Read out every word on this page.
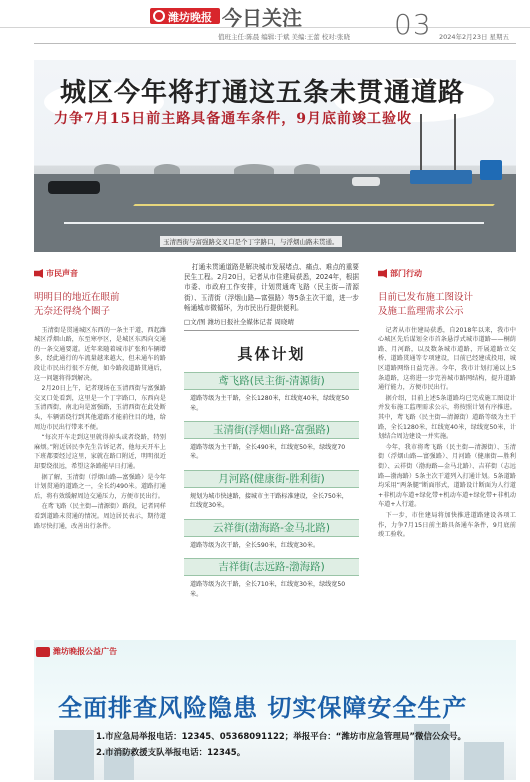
潍坊晚报 今日关注	03
值班主任:陈晨 编辑:于斌 美编:王蕾 校对:张晓	2024年2月23日 星期五
城区今年将打通这五条未贯通道路
力争7月15日前主路具备通车条件，9月底前竣工验收
玉清西街与富强路交叉口是个丁字路口，与浮烟山路未贯通。
市民声音
明明目的地近在眼前
无奈还得绕个圈子

玉清街是贯通城区东西的一条主干道，西起潍城区浮烟山路，东至寒亭区，是城区东西向交通的一条交通要道。近年来随着城市扩张和车辆增多，经此通行的车流量越来越大，但未通车的路段让市民出行很不方便，如今路段道路贯通后，这一问题将得到解决。

2月20日上午，记者现场在玉清西街与富强路交叉口处看到，这里是一个丁字路口，东西向是玉清西街，南北向是富强路，玉清西街在此处断头，车辆需绕行到其他道路才能前往目的地，给周边市民出行带来不便。

“每次开车走到这里就得掉头或者绕路，特别麻烦。”附近居民李先生告诉记者，他每天开车上下班都要经过这里，家就在路口附近，明明很近却要绕很远，希望这条路能早日打通。

据了解，玉清街（浮烟山路—富强路）是今年计划贯通的道路之一，全长约490米。道路打通后，将有效缓解周边交通压力，方便市民出行。

在鸢飞路（民主街—清源街）路段，记者同样看到道路未贯通的情况。周边居民表示，期待道路尽快打通，改善出行条件。

打通未贯通道路是解决城市发展堵点、痛点、难点的重要民生工程。2月20日，记者从市住建局获悉，2024年，根据市委、市政府工作安排，计划贯通鸢飞路（民主街—清源街）、玉清街（浮烟山路—富强路）等5条主次干道，进一步畅通城市微循环，为市民出行提供便利。
□文/图 潍坊日报社全媒体记者 周晓晴
具体计划
鸢飞路(民主街-清源街)
道路等级为主干路，全长1280米，红线宽40米，绿线宽50米。
玉清街(浮烟山路-富强路)
道路等级为主干路，全长490米，红线宽50米，绿线宽70米。
月河路(健康街-胜利街)
规划为城市快速路，接城市主干路标准建设，全长750米，红线宽30米。
云祥街(渤海路-金马北路)
道路等级为次干路，全长590米，红线宽30米。
吉祥街(志远路-渤海路)
道路等级为次干路，全长710米，红线宽30米，绿线宽50米。
部门行动
目前已发布施工图设计
及施工监理需求公示

记者从市住建局获悉，自2018年以来，我市中心城区先后谋划全市首条悬浮式城市道路——桐荫路、月河路，以及数条城市道路，开展道路立交桥、道路贯通等专项建设，目前已经建成投用，城区道路网络日益完善。今年，我市计划打通以上5条道路，这将进一步完善城市路网结构，提升道路通行能力，方便市民出行。

据介绍，目前上述5条道路均已完成施工图设计并发布施工监理需求公示，将按照计划有序推进。其中，鸢飞路（民主街—清源街）道路等级为主干路，全长1280米，红线宽40米，绿线宽50米，计划结合周边建设一并实施。

今年，我市将鸢飞路（民主街—清源街）、玉清街（浮烟山路—富强路）、月河路（健康街—胜利街）、云祥街（渤海路—金马北路）、吉祥街（志远路—渤海路）5条主次干道列入打通计划。5条道路均采用“两条腿”断面形式，道路设计断面为人行道+非机动车道+绿化带+机动车道+绿化带+非机动车道+人行道。

下一步，市住建局将加快推进道路建设各项工作，力争7月15日前主路具备通车条件，9月底前竣工验收。

潍坊晚报公益广告
全面排查风险隐患 切实保障安全生产
1.市应急局举报电话：12345、05368091122；举报平台：“潍坊市应急管理局”微信公众号。
2.市消防救援支队举报电话：12345。
